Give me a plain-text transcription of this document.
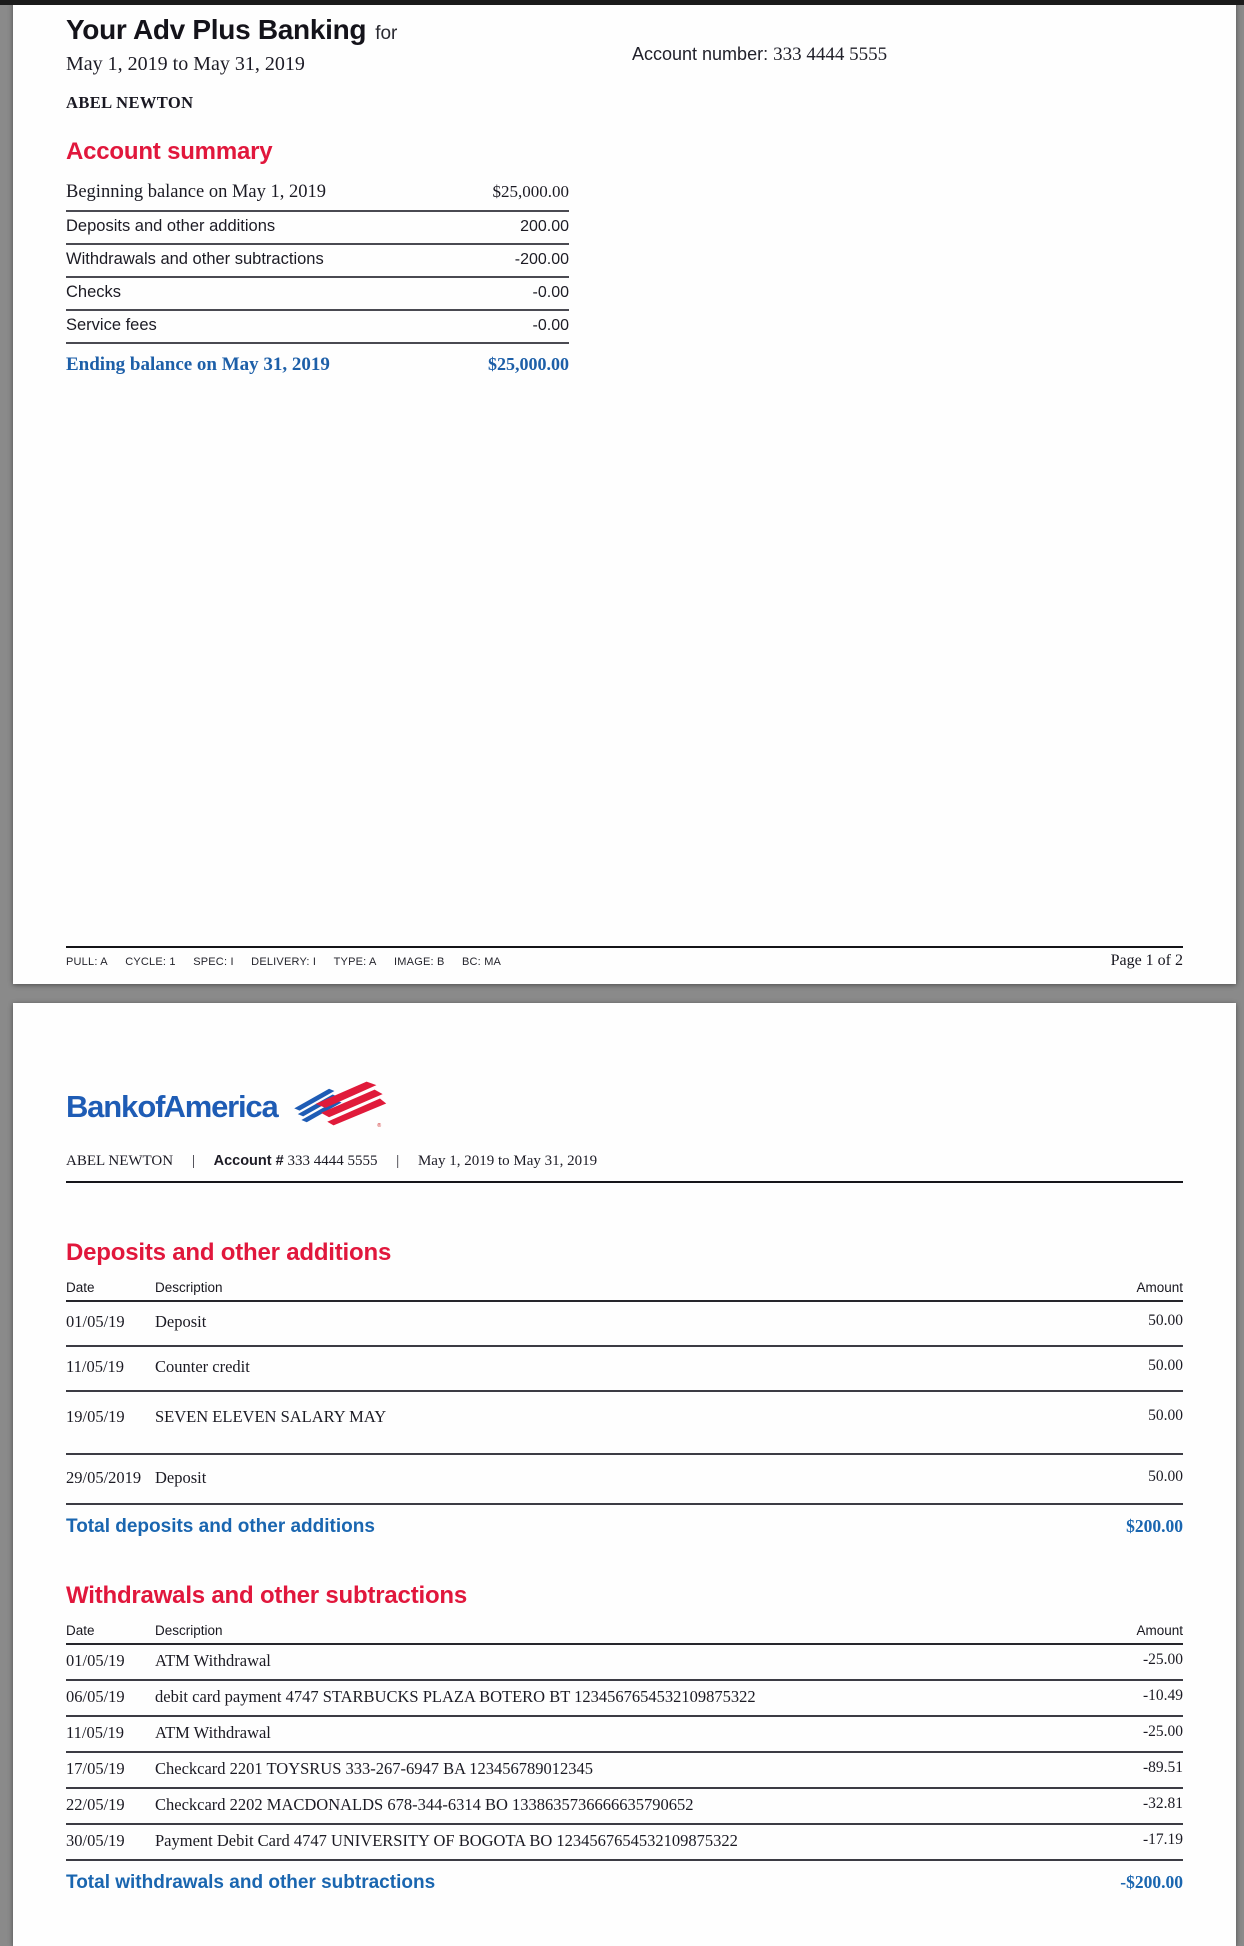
Your Adv Plus Banking for
May 1, 2019 to May 31, 2019	Account number: 333 4444 5555
ABEL NEWTON
Account summary
Beginning balance on May 1, 2019	$25,000.00
Deposits and other additions	200.00
Withdrawals and other subtractions	-200.00
Checks	-0.00
Service fees	-0.00
Ending balance on May 31, 2019	$25,000.00
PULL: A CYCLE: 1 SPEC: I DELIVERY: I TYPE: A IMAGE: B BC: MA	Page 1 of 2
Bank of America
®
ABEL NEWTON | Account # 333 4444 5555 | May 1, 2019 to May 31, 2019
Deposits and other additions
Date	Description	Amount
01/05/19	Deposit	50.00
11/05/19	Counter credit	50.00
19/05/19	SEVEN ELEVEN SALARY MAY	50.00
29/05/2019 Deposit	50.00
Total deposits and other additions	$200.00
Withdrawals and other subtractions
Date	Description	Amount
01/05/19	ATM Withdrawal	-25.00
06/05/19	debit card payment 4747 STARBUCKS PLAZA BOTERO BT 1234567654532109875322	-10.49
11/05/19	ATM Withdrawal	-25.00
17/05/19	Checkcard 2201 TOYSRUS 333-267-6947 BA 123456789012345	-89.51
22/05/19	Checkcard 2202 MACDONALDS 678-344-6314 BO 1338635736666635790652	-32.81
30/05/19	Payment Debit Card 4747 UNIVERSITY OF BOGOTA BO 1234567654532109875322	-17.19
Total withdrawals and other subtractions	-$200.00
